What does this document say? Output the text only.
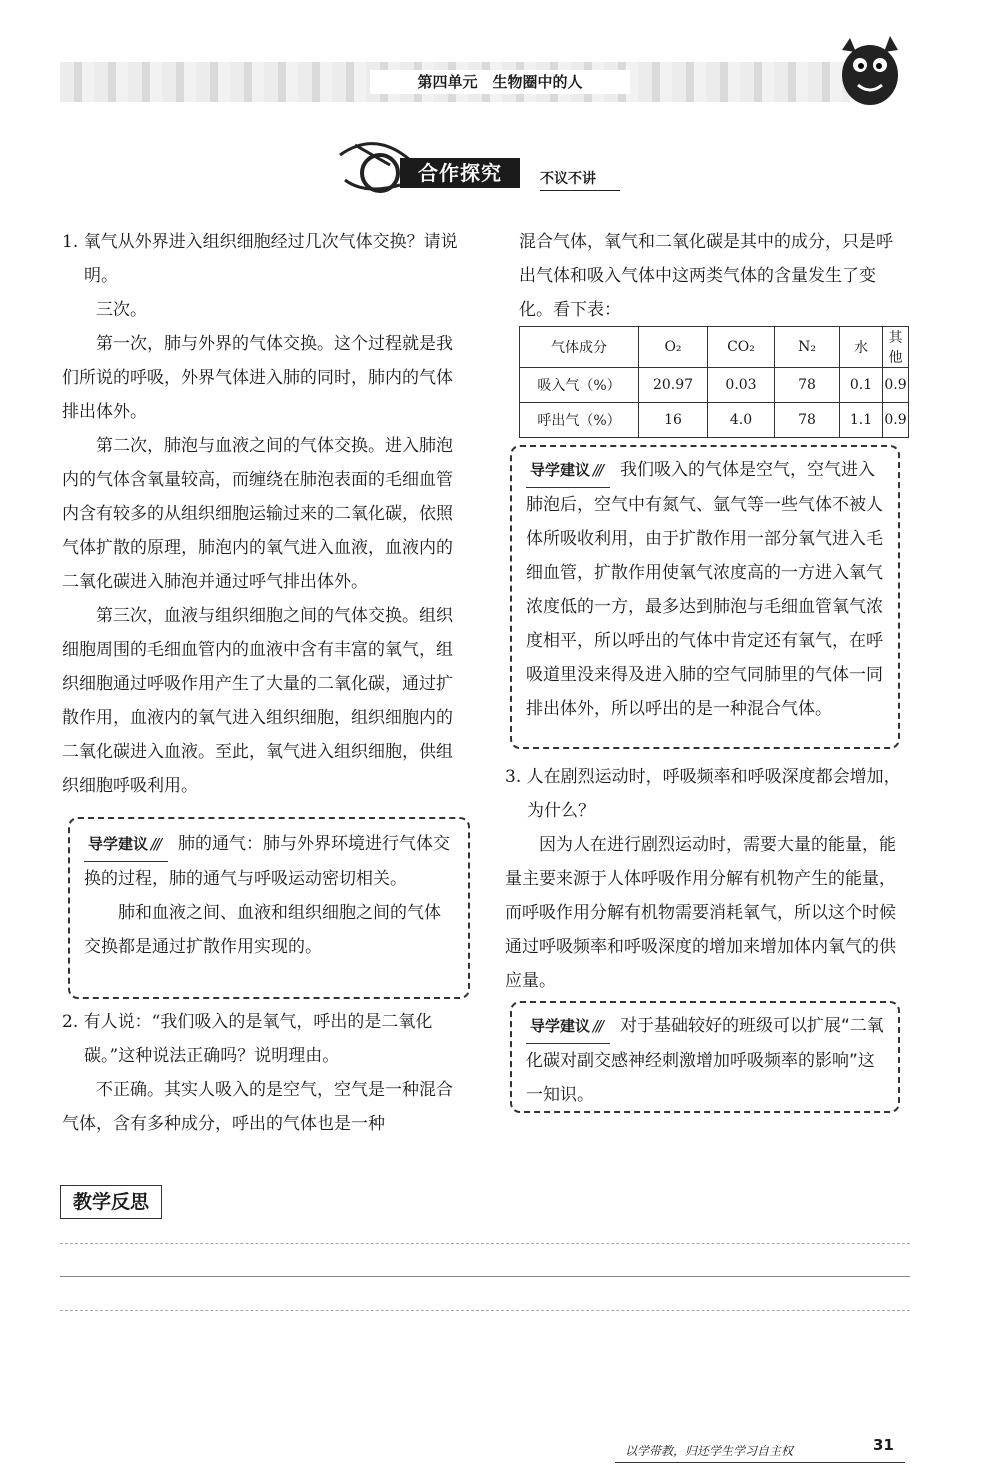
第四单元　生物圈中的人
合作探究	不议不讲

1. 氧气从外界进入组织细胞经过几次气体交换？请说明。

三次。

第一次，肺与外界的气体交换。这个过程就是我们所说的呼吸，外界气体进入肺的同时，肺内的气体排出体外。

第二次，肺泡与血液之间的气体交换。进入肺泡内的气体含氧量较高，而缠绕在肺泡表面的毛细血管内含有较多的从组织细胞运输过来的二氧化碳，依照气体扩散的原理，肺泡内的氧气进入血液，血液内的二氧化碳进入肺泡并通过呼气排出体外。

第三次，血液与组织细胞之间的气体交换。组织细胞周围的毛细血管内的血液中含有丰富的氧气，组织细胞通过呼吸作用产生了大量的二氧化碳，通过扩散作用，血液内的氧气进入组织细胞，组织细胞内的二氧化碳进入血液。至此，氧气进入组织细胞，供组织细胞呼吸利用。

导学建议 /// 肺的通气：肺与外界环境进行气体交换的过程，肺的通气与呼吸运动密切相关。

肺和血液之间、血液和组织细胞之间的气体交换都是通过扩散作用实现的。

2. 有人说：“我们吸入的是氧气，呼出的是二氧化碳。”这种说法正确吗？说明理由。

不正确。其实人吸入的是空气，空气是一种混合气体，含有多种成分，呼出的气体也是一种

混合气体，氧气和二氧化碳是其中的成分，只是呼出气体和吸入气体中这两类气体的含量发生了变化。看下表：

气体成分	O₂	CO₂	N₂	水	其他
吸入气（%）	20.97	0.03	78	0.1	0.9
呼出气（%）	16	4.0	78	1.1	0.9

导学建议 /// 我们吸入的气体是空气，空气进入肺泡后，空气中有氮气、氩气等一些气体不被人体所吸收利用，由于扩散作用一部分氧气进入毛细血管，扩散作用使氧气浓度高的一方进入氧气浓度低的一方，最多达到肺泡与毛细血管氧气浓度相平，所以呼出的气体中肯定还有氧气，在呼吸道里没来得及进入肺的空气同肺里的气体一同排出体外，所以呼出的是一种混合气体。

3. 人在剧烈运动时，呼吸频率和呼吸深度都会增加，为什么？

因为人在进行剧烈运动时，需要大量的能量，能量主要来源于人体呼吸作用分解有机物产生的能量，而呼吸作用分解有机物需要消耗氧气，所以这个时候通过呼吸频率和呼吸深度的增加来增加体内氧气的供应量。

导学建议 /// 对于基础较好的班级可以扩展“二氧化碳对副交感神经刺激增加呼吸频率的影响”这一知识。

教学反思
以学带教，归还学生学习自主权	31
